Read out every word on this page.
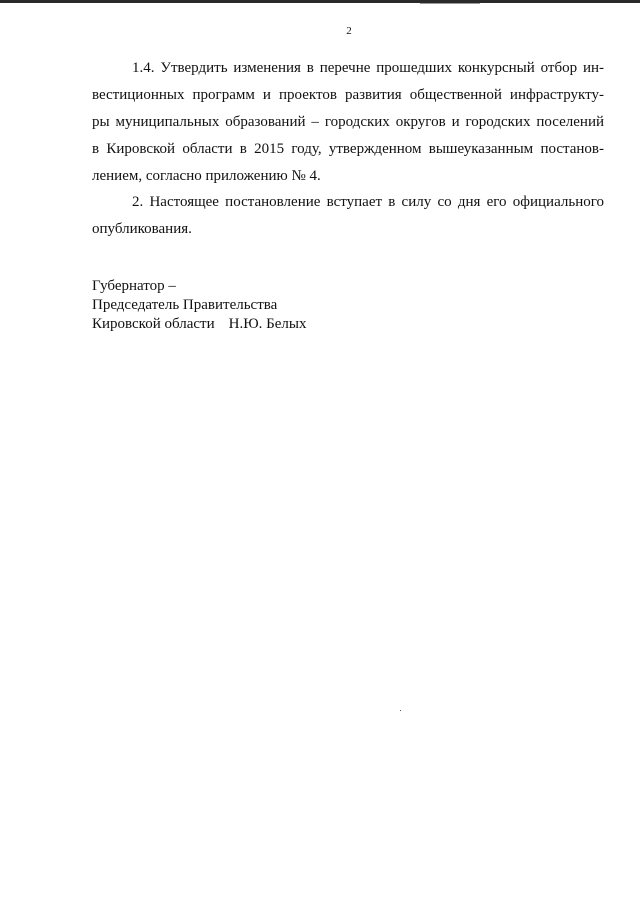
2
1.4. Утвердить изменения в перечне прошедших конкурсный отбор ин-
вестиционных программ и проектов развития общественной инфраструкту-
ры муниципальных образований – городских округов и городских поселений
в Кировской области в 2015 году, утвержденном вышеуказанным постанов-
лением, согласно приложению № 4.
2. Настоящее постановление вступает в силу со дня его официального
опубликования.
Губернатор –
Председатель Правительства
Кировской области Н.Ю. Белых
